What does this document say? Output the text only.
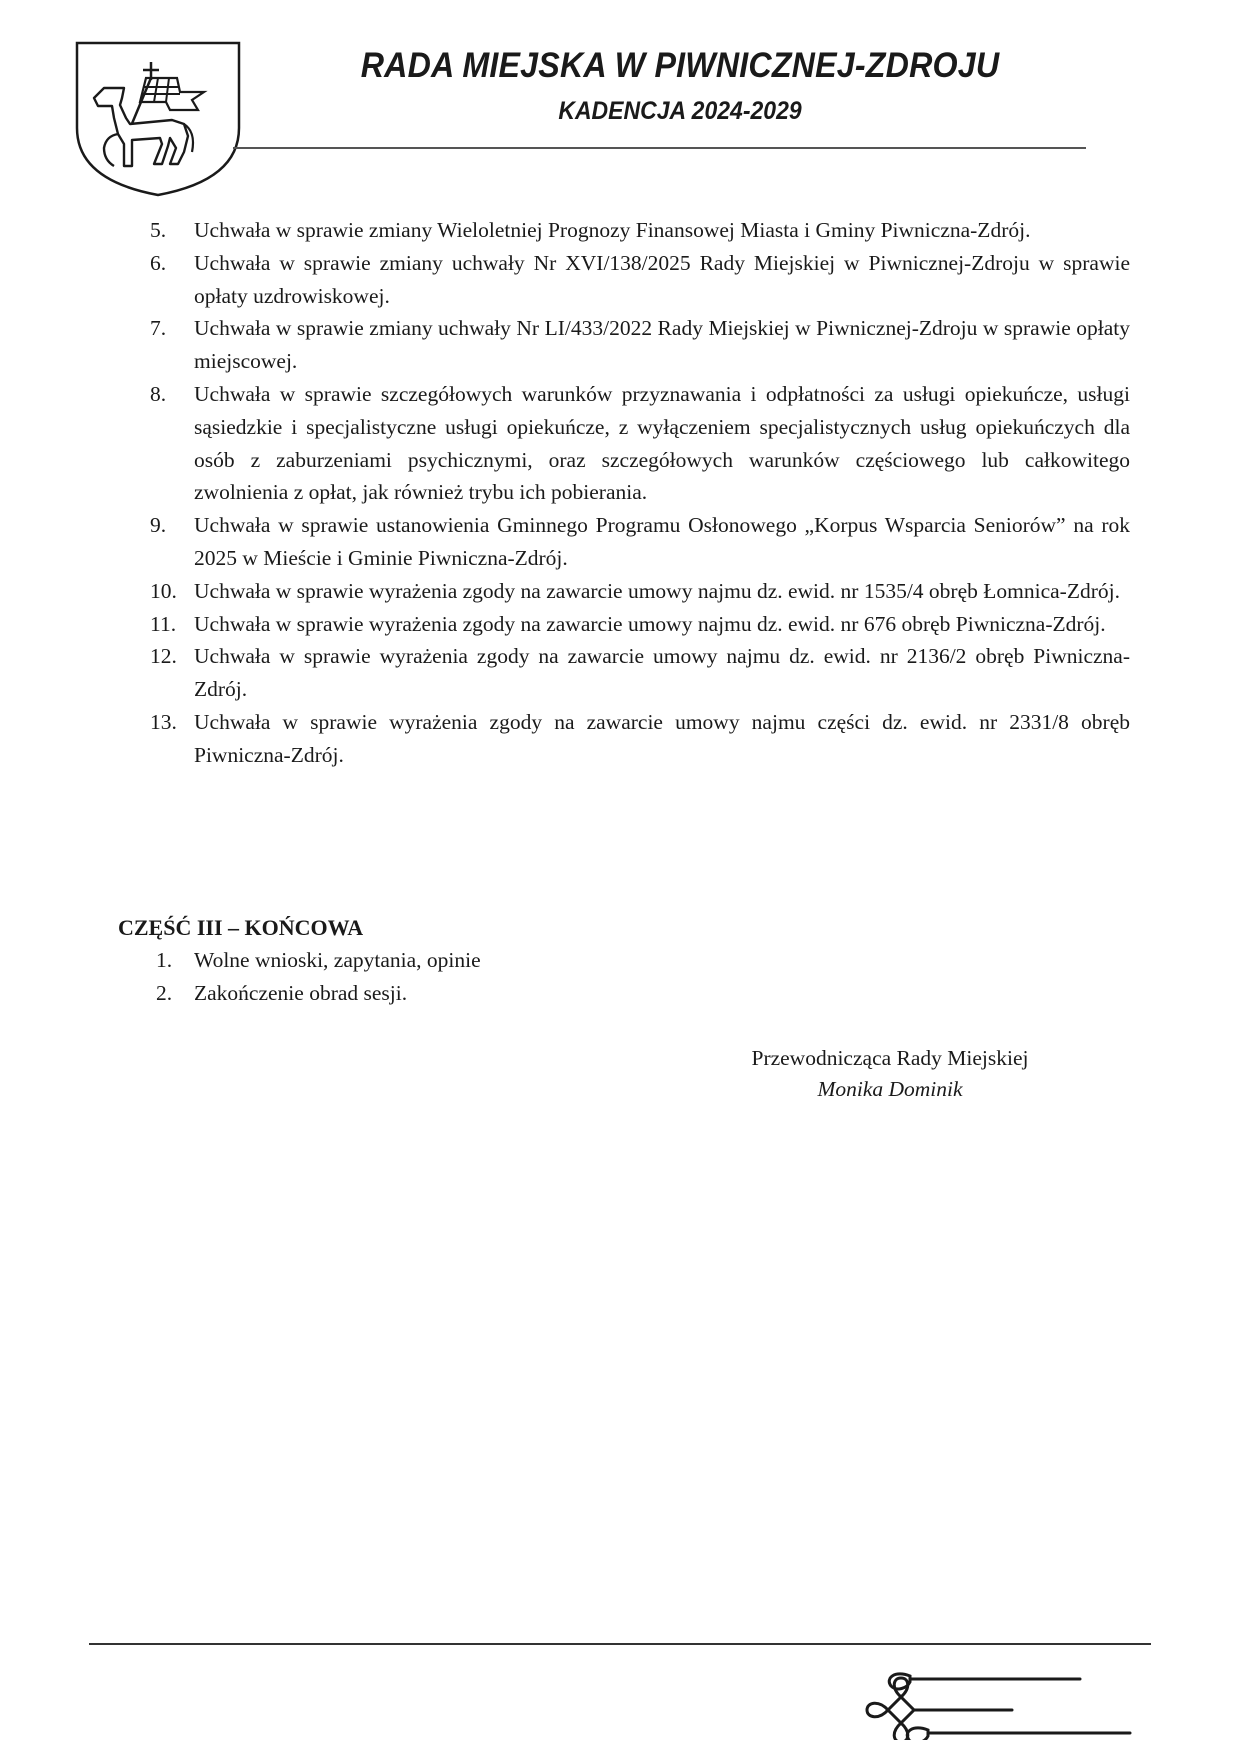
RADA MIEJSKA W PIWNICZNEJ-ZDROJU
KADENCJA 2024-2029
5. Uchwała w sprawie zmiany Wieloletniej Prognozy Finansowej Miasta i Gminy Piwniczna-Zdrój.
6. Uchwała w sprawie zmiany uchwały Nr XVI/138/2025 Rady Miejskiej w Piwnicznej-Zdroju w sprawie opłaty uzdrowiskowej.
7. Uchwała w sprawie zmiany uchwały Nr LI/433/2022 Rady Miejskiej w Piwnicznej-Zdroju w sprawie opłaty miejscowej.
8. Uchwała w sprawie szczegółowych warunków przyznawania i odpłatności za usługi opiekuńcze, usługi sąsiedzkie i specjalistyczne usługi opiekuńcze, z wyłączeniem specjalistycznych usług opiekuńczych dla osób z zaburzeniami psychicznymi, oraz szczegółowych warunków częściowego lub całkowitego zwolnienia z opłat, jak również trybu ich pobierania.
9. Uchwała w sprawie ustanowienia Gminnego Programu Osłonowego „Korpus Wsparcia Seniorów” na rok 2025 w Mieście i Gminie Piwniczna-Zdrój.
10. Uchwała w sprawie wyrażenia zgody na zawarcie umowy najmu dz. ewid. nr 1535/4 obręb Łomnica-Zdrój.
11. Uchwała w sprawie wyrażenia zgody na zawarcie umowy najmu dz. ewid. nr 676 obręb Piwniczna-Zdrój.
12. Uchwała w sprawie wyrażenia zgody na zawarcie umowy najmu dz. ewid. nr 2136/2 obręb Piwniczna-Zdrój.
13. Uchwała w sprawie wyrażenia zgody na zawarcie umowy najmu części dz. ewid. nr 2331/8 obręb Piwniczna-Zdrój.
CZĘŚĆ III – KOŃCOWA
1. Wolne wnioski, zapytania, opinie
2. Zakończenie obrad sesji.
Przewodnicząca Rady Miejskiej
Monika Dominik
